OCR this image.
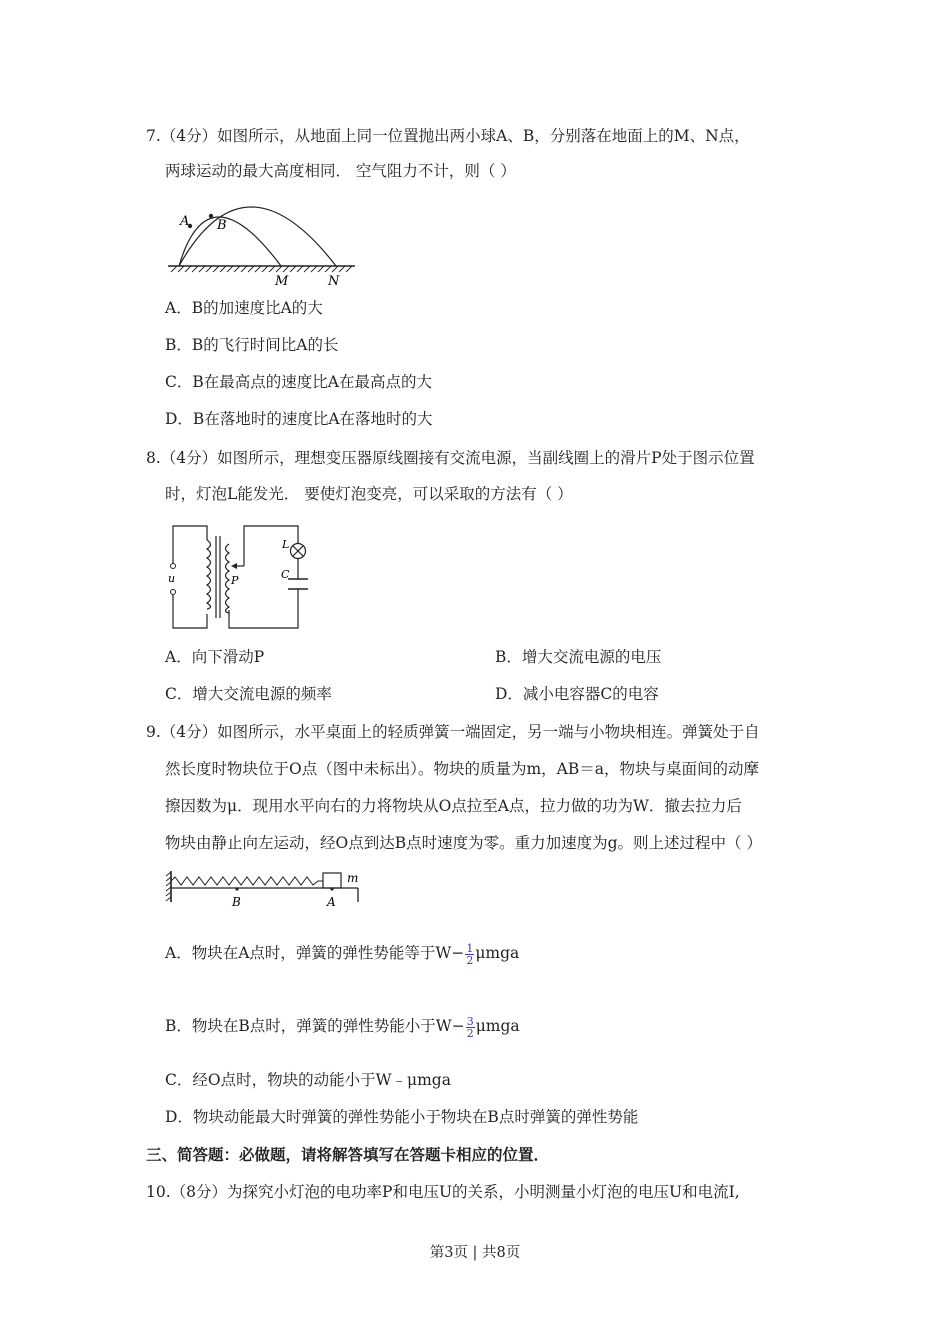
7.（4分）如图所示，从地面上同一位置抛出两小球A、B，分别落在地面上的M、N点，
两球运动的最大高度相同． 空气阻力不计，则（ ）
A B
M	N
A．B的加速度比A的大
B．B的飞行时间比A的长
C．B在最高点的速度比A在最高点的大
D．B在落地时的速度比A在落地时的大
8.（4分）如图所示，理想变压器原线圈接有交流电源，当副线圈上的滑片P处于图示位置
时，灯泡L能发光． 要使灯泡变亮，可以采取的方法有（ ）
u	P
L
C
A．向下滑动P	B．增大交流电源的电压
C．增大交流电源的频率	D．减小电容器C的电容
9.（4分）如图所示，水平桌面上的轻质弹簧一端固定，另一端与小物块相连。弹簧处于自
然长度时物块位于O点（图中未标出）。物块的质量为m，AB＝a，物块与桌面间的动摩
擦因数为μ．现用水平向右的力将物块从O点拉至A点，拉力做的功为W．撤去拉力后
物块由静止向左运动，经O点到达B点时速度为零。重力加速度为g。则上述过程中（ ）
m
B	A
A．物块在A点时，弹簧的弹性势能等于$W- \frac{1}{2}$ μmga
B．物块在B点时，弹簧的弹性势能小于$W- \frac{3}{2}$ μmga
C．经O点时，物块的动能小于W﹣μmga
D．物块动能最大时弹簧的弹性势能小于物块在B点时弹簧的弹性势能
三、简答题：必做题，请将解答填写在答题卡相应的位置．
10.（8分）为探究小灯泡的电功率P和电压U的关系，小明测量小灯泡的电压U和电流I,
第3页 | 共8页
